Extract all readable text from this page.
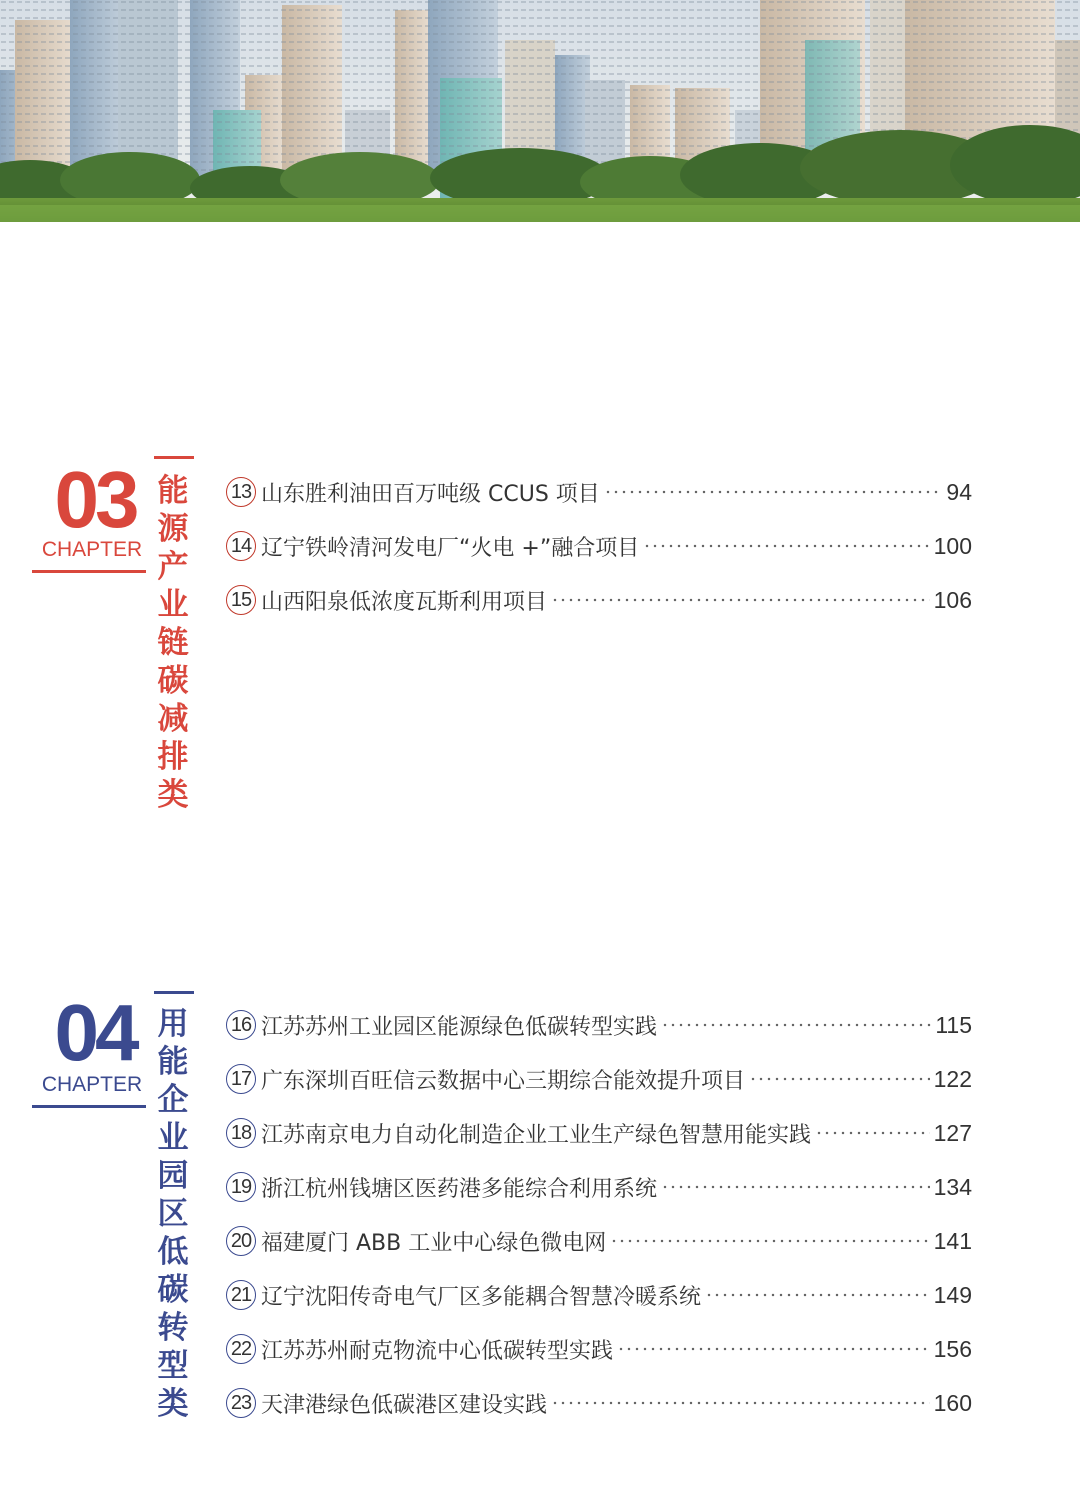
03
CHAPTER
能源产业链碳减排类
13 山东胜利油田百万吨级 CCUS 项目	94
14 辽宁铁岭清河发电厂“火电 +”融合项目	100
15 山西阳泉低浓度瓦斯利用项目	106
04
CHAPTER
用能企业园区低碳转型类
16 江苏苏州工业园区能源绿色低碳转型实践	115
17 广东深圳百旺信云数据中心三期综合能效提升项目	122
18 江苏南京电力自动化制造企业工业生产绿色智慧用能实践	127
19 浙江杭州钱塘区医药港多能综合利用系统	134
20 福建厦门 ABB 工业中心绿色微电网	141
21 辽宁沈阳传奇电气厂区多能耦合智慧冷暖系统	149
22 江苏苏州耐克物流中心低碳转型实践	156
23 天津港绿色低碳港区建设实践	160
